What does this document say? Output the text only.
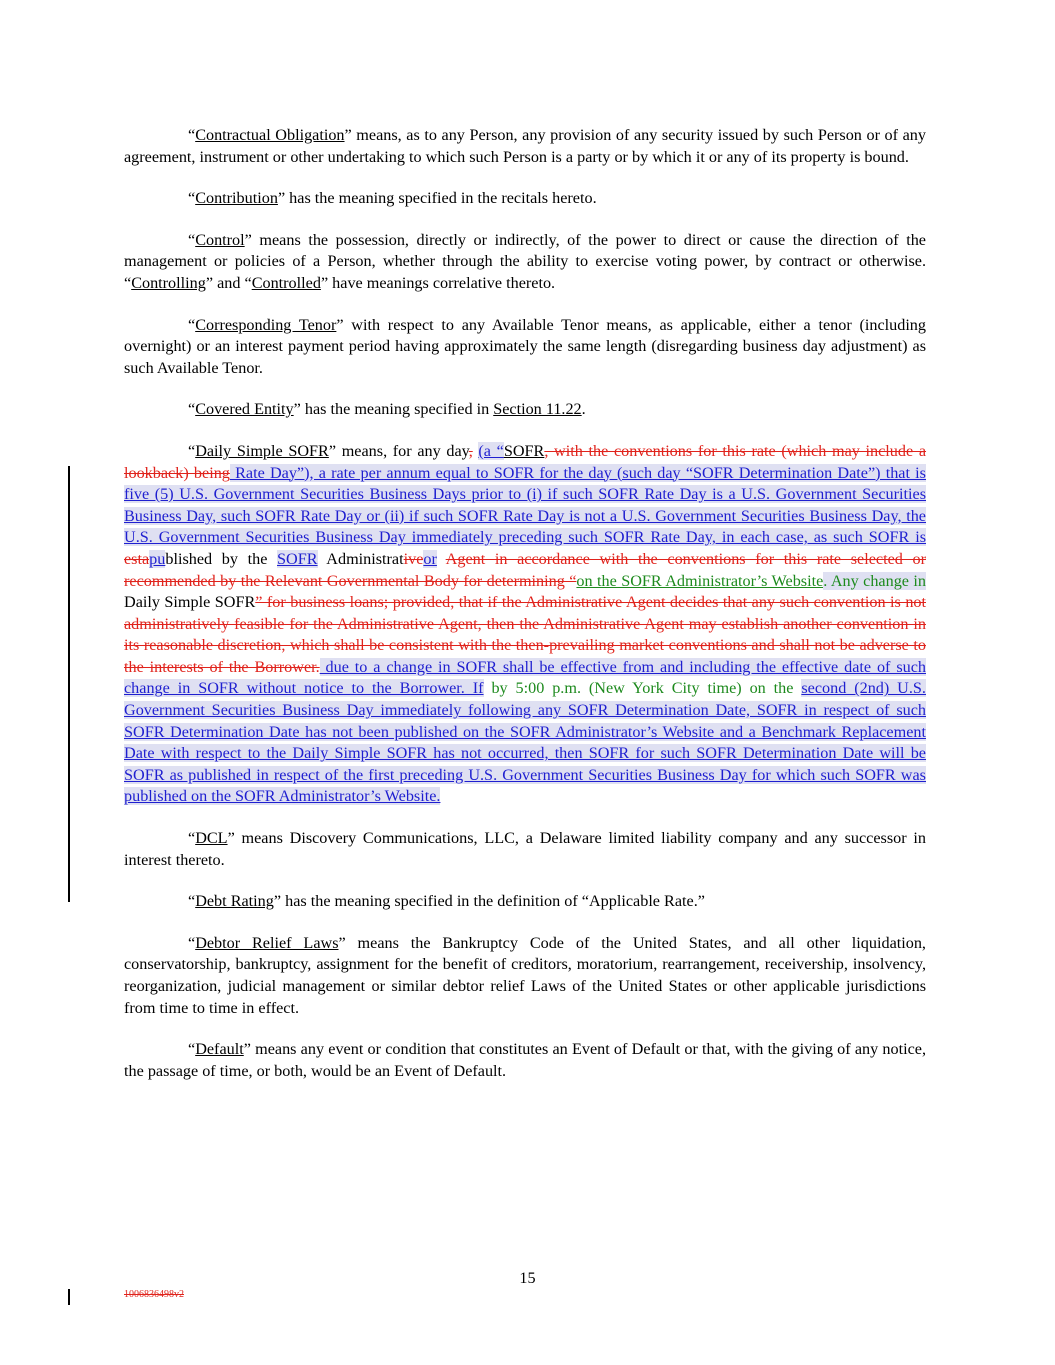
“Contractual Obligation” means, as to any Person, any provision of any security issued by such Person or of any agreement, instrument or other undertaking to which such Person is a party or by which it or any of its property is bound.

“Contribution” has the meaning specified in the recitals hereto.

“Control” means the possession, directly or indirectly, of the power to direct or cause the direction of the management or policies of a Person, whether through the ability to exercise voting power, by contract or otherwise. “Controlling” and “Controlled” have meanings correlative thereto.

“Corresponding Tenor” with respect to any Available Tenor means, as applicable, either a tenor (including overnight) or an interest payment period having approximately the same length (disregarding business day adjustment) as such Available Tenor.

“Covered Entity” has the meaning specified in Section 11.22.

“Daily Simple SOFR” means, for any day, (a “SOFR, with the conventions for this rate (which may include a lookback) being Rate Day”), a rate per annum equal to SOFR for the day (such day “SOFR Determination Date”) that is five (5) U.S. Government Securities Business Days prior to (i) if such SOFR Rate Day is a U.S. Government Securities Business Day, such SOFR Rate Day or (ii) if such SOFR Rate Day is not a U.S. Government Securities Business Day, the U.S. Government Securities Business Day immediately preceding such SOFR Rate Day, in each case, as such SOFR is estapublished by the SOFR Administrativeor Agent in accordance with the conventions for this rate selected or recommended by the Relevant Governmental Body for determining “on the SOFR Administrator’s Website. Any change in Daily Simple SOFR” for business loans; provided, that if the Administrative Agent decides that any such convention is not administratively feasible for the Administrative Agent, then the Administrative Agent may establish another convention in its reasonable discretion, which shall be consistent with the then-prevailing market conventions and shall not be adverse to the interests of the Borrower. due to a change in SOFR shall be effective from and including the effective date of such change in SOFR without notice to the Borrower. If by 5:00 p.m. (New York City time) on the second (2nd) U.S. Government Securities Business Day immediately following any SOFR Determination Date, SOFR in respect of such SOFR Determination Date has not been published on the SOFR Administrator’s Website and a Benchmark Replacement Date with respect to the Daily Simple SOFR has not occurred, then SOFR for such SOFR Determination Date will be SOFR as published in respect of the first preceding U.S. Government Securities Business Day for which such SOFR was published on the SOFR Administrator’s Website.

“DCL” means Discovery Communications, LLC, a Delaware limited liability company and any successor in interest thereto.

“Debt Rating” has the meaning specified in the definition of “Applicable Rate.”

“Debtor Relief Laws” means the Bankruptcy Code of the United States, and all other liquidation, conservatorship, bankruptcy, assignment for the benefit of creditors, moratorium, rearrangement, receivership, insolvency, reorganization, judicial management or similar debtor relief Laws of the United States or other applicable jurisdictions from time to time in effect.

“Default” means any event or condition that constitutes an Event of Default or that, with the giving of any notice, the passage of time, or both, would be an Event of Default.

15
1006836498v2
